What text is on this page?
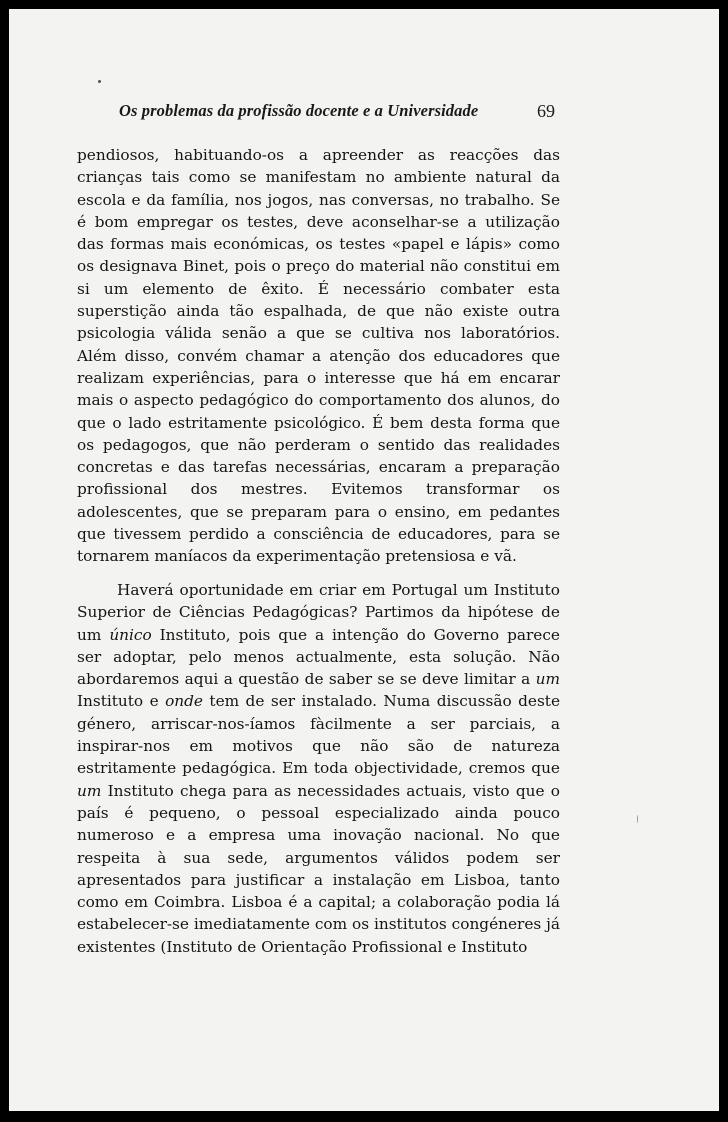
Os problemas da profissão docente e a Universidade	69

pendiosos, habituando-os a apreender as reacções das crianças tais como se manifestam no ambiente natural da escola e da família, nos jogos, nas conversas, no trabalho. Se é bom empregar os testes, deve aconselhar-se a utilização das formas mais económicas, os testes «papel e lápis» como os designava Binet, pois o preço do material não constitui em si um elemento de êxito. É necessário combater esta superstição ainda tão espalhada, de que não existe outra psicologia válida senão a que se cultiva nos laboratórios. Além disso, convém chamar a atenção dos educadores que realizam experiências, para o interesse que há em encarar mais o aspecto pedagógico do comportamento dos alunos, do que o lado estritamente psicológico. É bem desta forma que os pedagogos, que não perderam o sentido das realidades concretas e das tarefas necessárias, encaram a preparação profissional dos mestres. Evitemos transformar os adolescentes, que se preparam para o ensino, em pedantes que tivessem perdido a consciência de educadores, para se tornarem maníacos da experimentação pretensiosa e vã.

Haverá oportunidade em criar em Portugal um Instituto Superior de Ciências Pedagógicas? Partimos da hipótese de um único Instituto, pois que a intenção do Governo parece ser adoptar, pelo menos actualmente, esta solução. Não abordaremos aqui a questão de saber se se deve limitar a um Instituto e onde tem de ser instalado. Numa discussão deste género, arriscar-nos-íamos fàcilmente a ser parciais, a inspirar-nos em motivos que não são de natureza estritamente pedagógica. Em toda objectividade, cremos que um Instituto chega para as necessidades actuais, visto que o país é pequeno, o pessoal especializado ainda pouco numeroso e a empresa uma inovação nacional. No que respeita à sua sede, argumentos válidos podem ser apresentados para justificar a instalação em Lisboa, tanto como em Coimbra. Lisboa é a capital; a colaboração podia lá estabelecer-se imediatamente com os institutos congéneres já existentes (Instituto de Orientação Profissional e Instituto
